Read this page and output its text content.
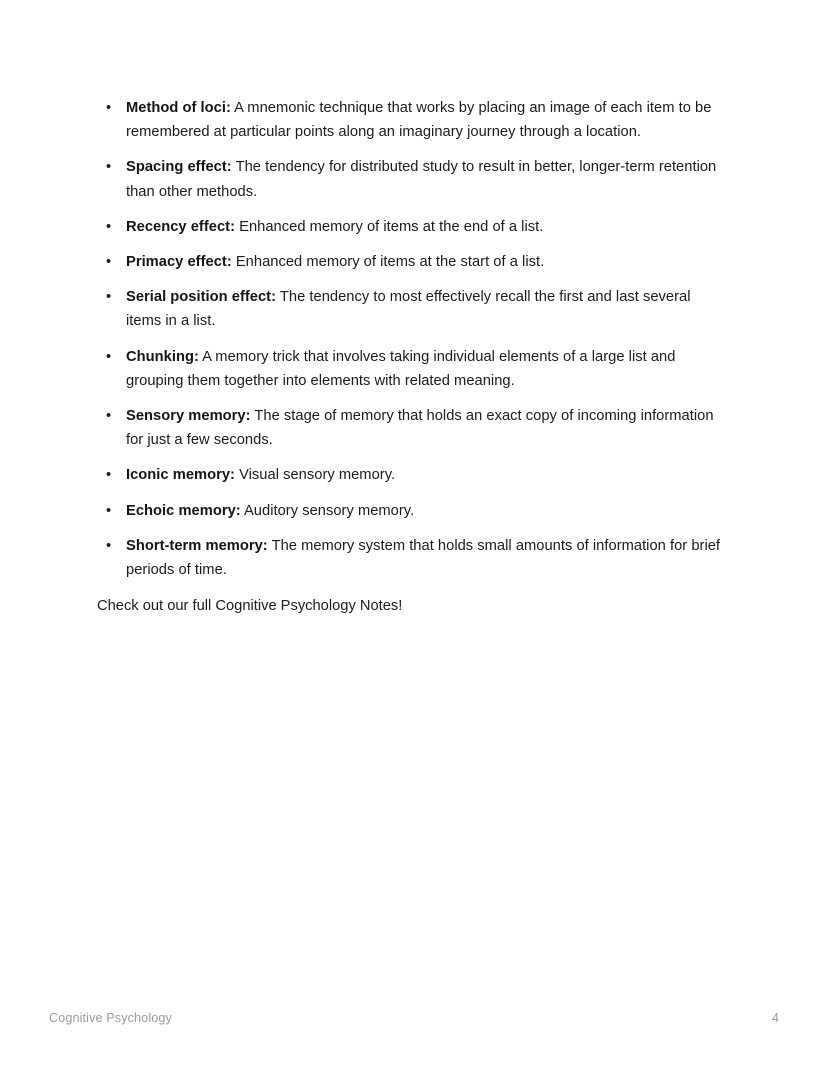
•	Method of loci: A mnemonic technique that works by placing an image of each item to be remembered at particular points along an imaginary journey through a location.
•	Spacing effect: The tendency for distributed study to result in better, longer-term retention than other methods.
•	Recency effect: Enhanced memory of items at the end of a list.
•	Primacy effect: Enhanced memory of items at the start of a list.
•	Serial position effect: The tendency to most effectively recall the first and last several items in a list.
•	Chunking: A memory trick that involves taking individual elements of a large list and grouping them together into elements with related meaning.
•	Sensory memory: The stage of memory that holds an exact copy of incoming information for just a few seconds.
•	Iconic memory: Visual sensory memory.
•	Echoic memory: Auditory sensory memory.
•	Short-term memory: The memory system that holds small amounts of information for brief periods of time.

Check out our full Cognitive Psychology Notes!

Cognitive Psychology	4
